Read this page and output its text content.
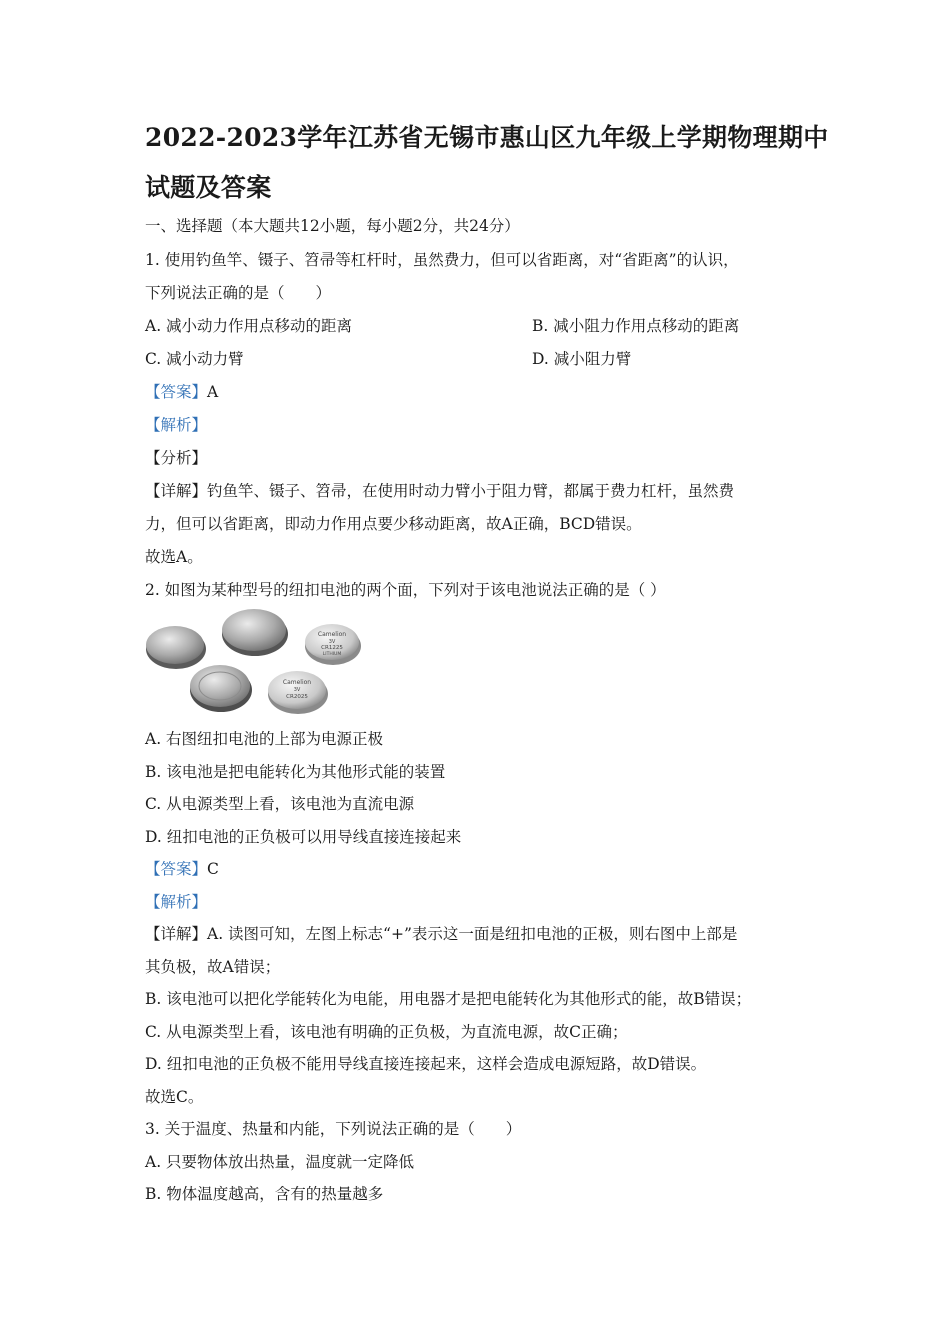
2022-2023学年江苏省无锡市惠山区九年级上学期物理期中
试题及答案
一、选择题（本大题共12小题，每小题2分，共24分）
1. 使用钓鱼竿、镊子、笤帚等杠杆时，虽然费力，但可以省距离，对“省距离”的认识，
下列说法正确的是（　　）
A. 减小动力作用点移动的距离	B. 减小阻力作用点移动的距离
C. 减小动力臂	D. 减小阻力臂
【答案】A
【解析】
【分析】
【详解】钓鱼竿、镊子、笤帚，在使用时动力臂小于阻力臂，都属于费力杠杆，虽然费
力，但可以省距离，即动力作用点要少移动距离，故A正确，BCD错误。
故选A。
2. 如图为某种型号的纽扣电池的两个面，下列对于该电池说法正确的是（ ）
Camelion
3V
CR1225
LITHIUM
Camelion
3V
CR2025
A. 右图纽扣电池的上部为电源正极
B. 该电池是把电能转化为其他形式能的装置
C. 从电源类型上看，该电池为直流电源
D. 纽扣电池的正负极可以用导线直接连接起来
【答案】C
【解析】
【详解】A. 读图可知，左图上标志“+”表示这一面是纽扣电池的正极，则右图中上部是
其负极，故A错误；
B. 该电池可以把化学能转化为电能，用电器才是把电能转化为其他形式的能，故B错误；
C. 从电源类型上看，该电池有明确的正负极，为直流电源，故C正确；
D. 纽扣电池的正负极不能用导线直接连接起来，这样会造成电源短路，故D错误。
故选C。
3. 关于温度、热量和内能，下列说法正确的是（　　）
A. 只要物体放出热量，温度就一定降低
B. 物体温度越高，含有的热量越多
